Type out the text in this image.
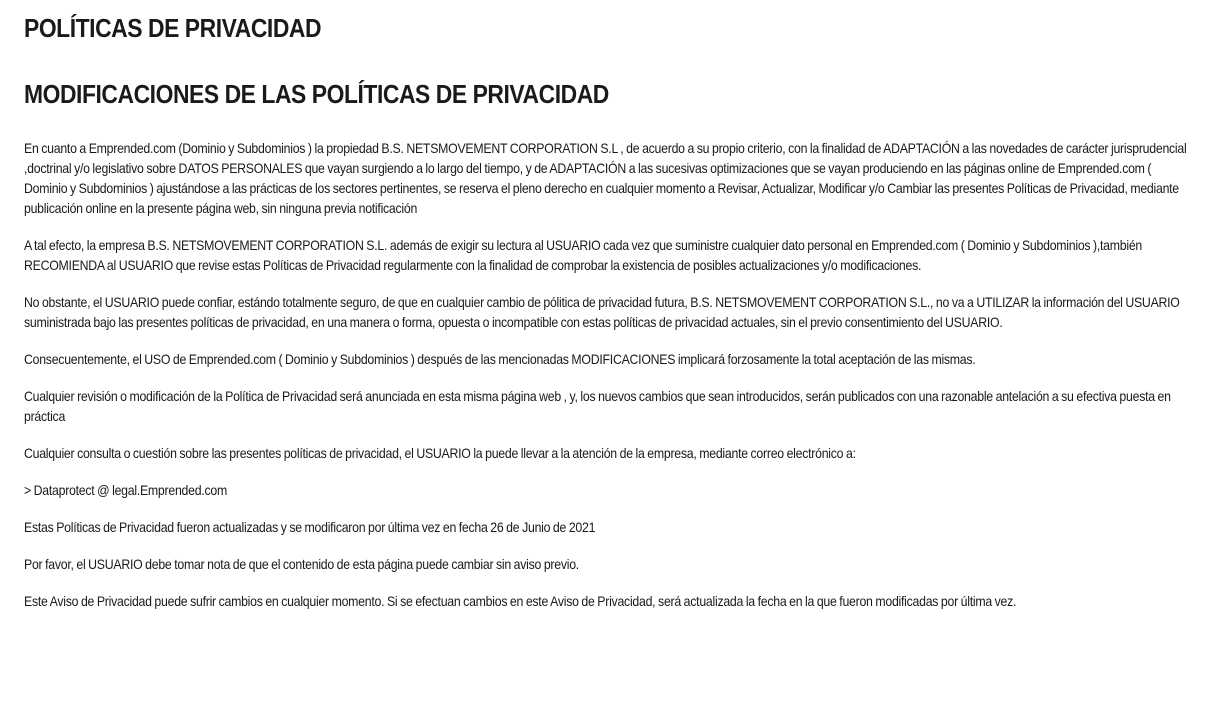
POLÍTICAS DE PRIVACIDAD
MODIFICACIONES DE LAS POLÍTICAS DE PRIVACIDAD

En cuanto a Emprended.com (Dominio y Subdominios ) la propiedad B.S. NETSMOVEMENT CORPORATION S.L , de acuerdo a su propio criterio, con la finalidad de ADAPTACIÓN a las novedades de carácter jurisprudencial ,doctrinal y/o legislativo sobre DATOS PERSONALES que vayan surgiendo a lo largo del tiempo, y de ADAPTACIÓN a las sucesivas optimizaciones que se vayan produciendo en las páginas online de Emprended.com ( Dominio y Subdominios ) ajustándose a las prácticas de los sectores pertinentes, se reserva el pleno derecho en cualquier momento a Revisar, Actualizar, Modificar y/o Cambiar las presentes Políticas de Privacidad, mediante publicación online en la presente página web, sin ninguna previa notificación

A tal efecto, la empresa B.S. NETSMOVEMENT CORPORATION S.L. además de exigir su lectura al USUARIO cada vez que suministre cualquier dato personal en Emprended.com ( Dominio y Subdominios ),también RECOMIENDA al USUARIO que revise estas Políticas de Privacidad regularmente con la finalidad de comprobar la existencia de posibles actualizaciones y/o modificaciones.

No obstante, el USUARIO puede confiar, estándo totalmente seguro, de que en cualquier cambio de pólitica de privacidad futura, B.S. NETSMOVEMENT CORPORATION S.L., no va a UTILIZAR la información del USUARIO suministrada bajo las presentes políticas de privacidad, en una manera o forma, opuesta o incompatible con estas políticas de privacidad actuales, sin el previo consentimiento del USUARIO.

Consecuentemente, el USO de Emprended.com ( Dominio y Subdominios ) después de las mencionadas MODIFICACIONES implicará forzosamente la total aceptación de las mismas.

Cualquier revisión o modificación de la Política de Privacidad será anunciada en esta misma página web , y, los nuevos cambios que sean introducidos, serán publicados con una razonable antelación a su efectiva puesta en práctica

Cualquier consulta o cuestión sobre las presentes políticas de privacidad, el USUARIO la puede llevar a la atención de la empresa, mediante correo electrónico a:

> Dataprotect @ legal.Emprended.com

Estas Políticas de Privacidad fueron actualizadas y se modificaron por última vez en fecha 26 de Junio de 2021

Por favor, el USUARIO debe tomar nota de que el contenido de esta página puede cambiar sin aviso previo.

Este Aviso de Privacidad puede sufrir cambios en cualquier momento. Si se efectuan cambios en este Aviso de Privacidad, será actualizada la fecha en la que fueron modificadas por última vez.
